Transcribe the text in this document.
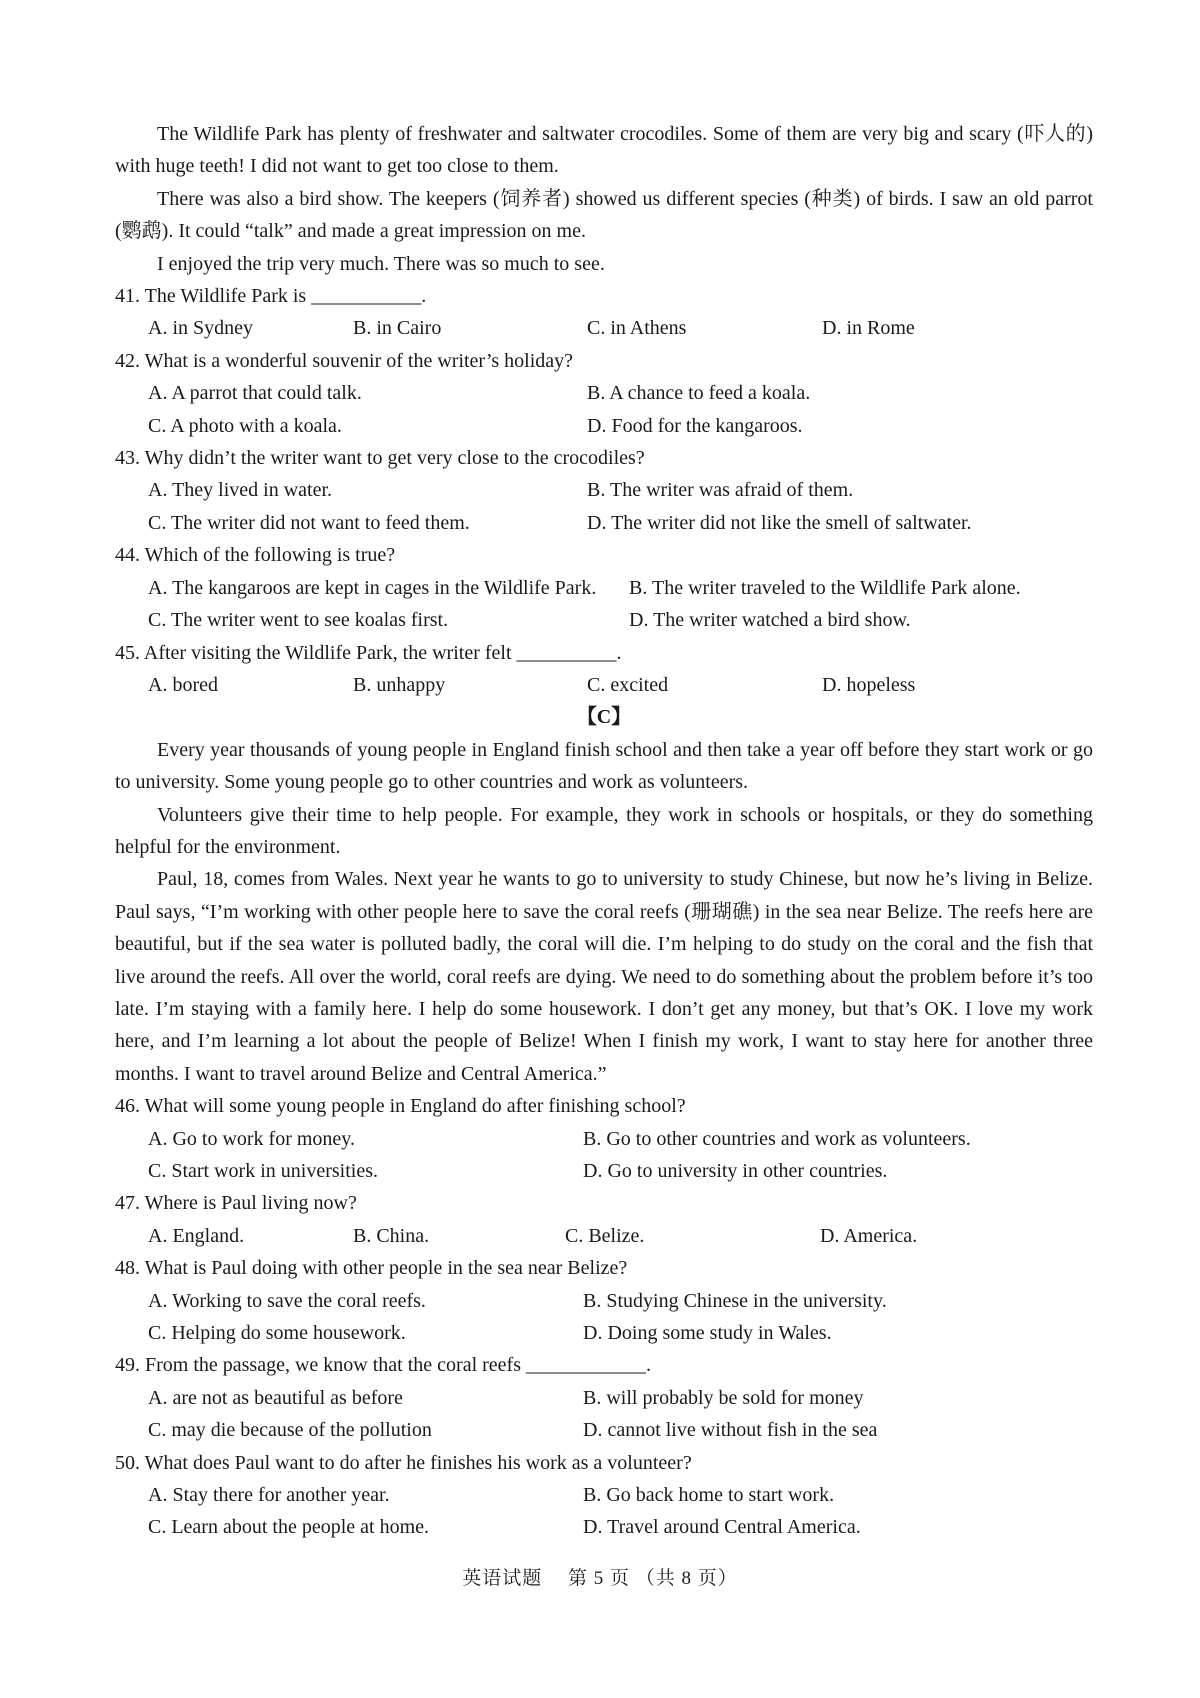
The Wildlife Park has plenty of freshwater and saltwater crocodiles. Some of them are very big and scary (吓人的) with huge teeth! I did not want to get too close to them.

There was also a bird show. The keepers (饲养者) showed us different species (种类) of birds. I saw an old parrot (鹦鹉). It could “talk” and made a great impression on me.

I enjoyed the trip very much. There was so much to see.

41. The Wildlife Park is ___________.

A. in Sydney	B. in Cairo	C. in Athens	D. in Rome

42. What is a wonderful souvenir of the writer’s holiday?

A. A parrot that could talk.	B. A chance to feed a koala.
C. A photo with a koala.	D. Food for the kangaroos.

43. Why didn’t the writer want to get very close to the crocodiles?

A. They lived in water.	B. The writer was afraid of them.
C. The writer did not want to feed them.	D. The writer did not like the smell of saltwater.

44. Which of the following is true?

A. The kangaroos are kept in cages in the Wildlife Park.	B. The writer traveled to the Wildlife Park alone.
C. The writer went to see koalas first.	D. The writer watched a bird show.

45. After visiting the Wildlife Park, the writer felt __________.

A. bored	B. unhappy	C. excited	D. hopeless

【C】

Every year thousands of young people in England finish school and then take a year off before they start work or go to university. Some young people go to other countries and work as volunteers.

Volunteers give their time to help people. For example, they work in schools or hospitals, or they do something helpful for the environment.

Paul, 18, comes from Wales. Next year he wants to go to university to study Chinese, but now he’s living in Belize. Paul says, “I’m working with other people here to save the coral reefs (珊瑚礁) in the sea near Belize. The reefs here are beautiful, but if the sea water is polluted badly, the coral will die. I’m helping to do study on the coral and the fish that live around the reefs. All over the world, coral reefs are dying. We need to do something about the problem before it’s too late. I’m staying with a family here. I help do some housework. I don’t get any money, but that’s OK. I love my work here, and I’m learning a lot about the people of Belize! When I finish my work, I want to stay here for another three months. I want to travel around Belize and Central America.”

46. What will some young people in England do after finishing school?

A. Go to work for money.	B. Go to other countries and work as volunteers.
C. Start work in universities.	D. Go to university in other countries.

47. Where is Paul living now?

A. England.	B. China.	C. Belize.	D. America.

48. What is Paul doing with other people in the sea near Belize?

A. Working to save the coral reefs.	B. Studying Chinese in the university.
C. Helping do some housework.	D. Doing some study in Wales.

49. From the passage, we know that the coral reefs ____________.

A. are not as beautiful as before	B. will probably be sold for money
C. may die because of the pollution	D. cannot live without fish in the sea

50. What does Paul want to do after he finishes his work as a volunteer?

A. Stay there for another year.	B. Go back home to start work.
C. Learn about the people at home.	D. Travel around Central America.
英语试题　 第 5 页 （共 8 页）
